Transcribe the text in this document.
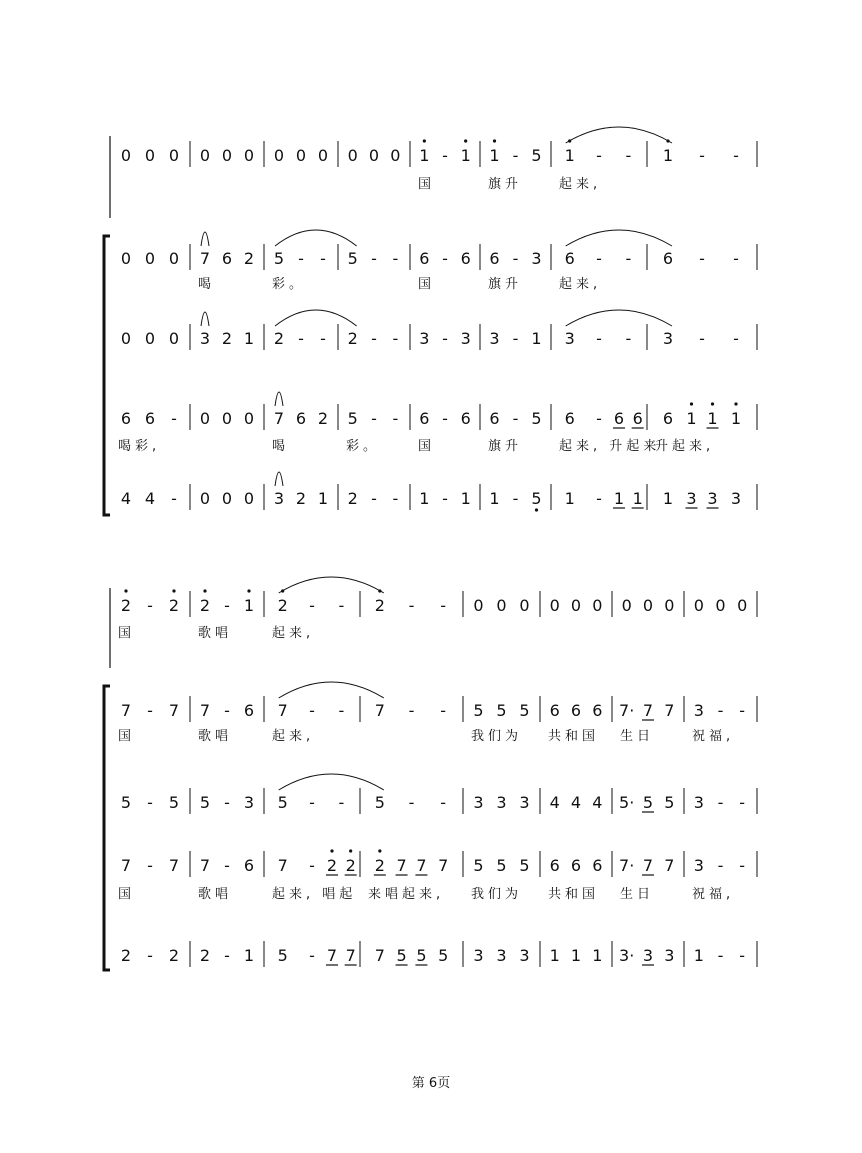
0 0 0 0 0 0 0 0 0 0 0 0 1 - 1 1 - 5 1 - - 1 - -
国	旗升	起来,
0 0 0 7 6 2 5 - - 5 - - 6 - 6 6 - 3 6 - - 6 - -
喝	彩。	国	旗升	起来,
0 0 0 3 2 1 2 - - 2 - - 3 - 3 3 - 1 3 - - 3 - -
6 6 - 0 0 0 7 6 2 5 - - 6 - 6 6 - 5 6 - 6 6 6 1 1 1
喝彩,	喝	彩。	国	旗升	起来, 升起来
升起来,
4 4 - 0 0 0 3 2 1 2 - - 1 - 1 1 - 5 1 - 1 1 1 3 3 3
2 - 2 2 - 1 2 - - 2 - - 0 0 0 0 0 0 0 0 0 0 0 0
国	歌唱	起来,
7 - 7 7 - 6 7 - - 7 - - 5 5 5 6 6 6 7· 7 7 3 - -
国	歌唱	起来,	我们为 共和国 生日	祝福,
5 - 5 5 - 3 5 - - 5 - - 3 3 3 4 4 4 5· 5 5 3 - -
7 - 7 7 - 6 7 - 2 2 2 7 7 7 5 5 5 6 6 6 7· 7 7 3 - -
国	歌唱	起来, 唱起 来唱起来, 我们为 共和国 生日	祝福,
2 - 2 2 - 1 5 - 7 7 7 5 5 5 3 3 3 1 1 1 3· 3 3 1 - -
第 6页
